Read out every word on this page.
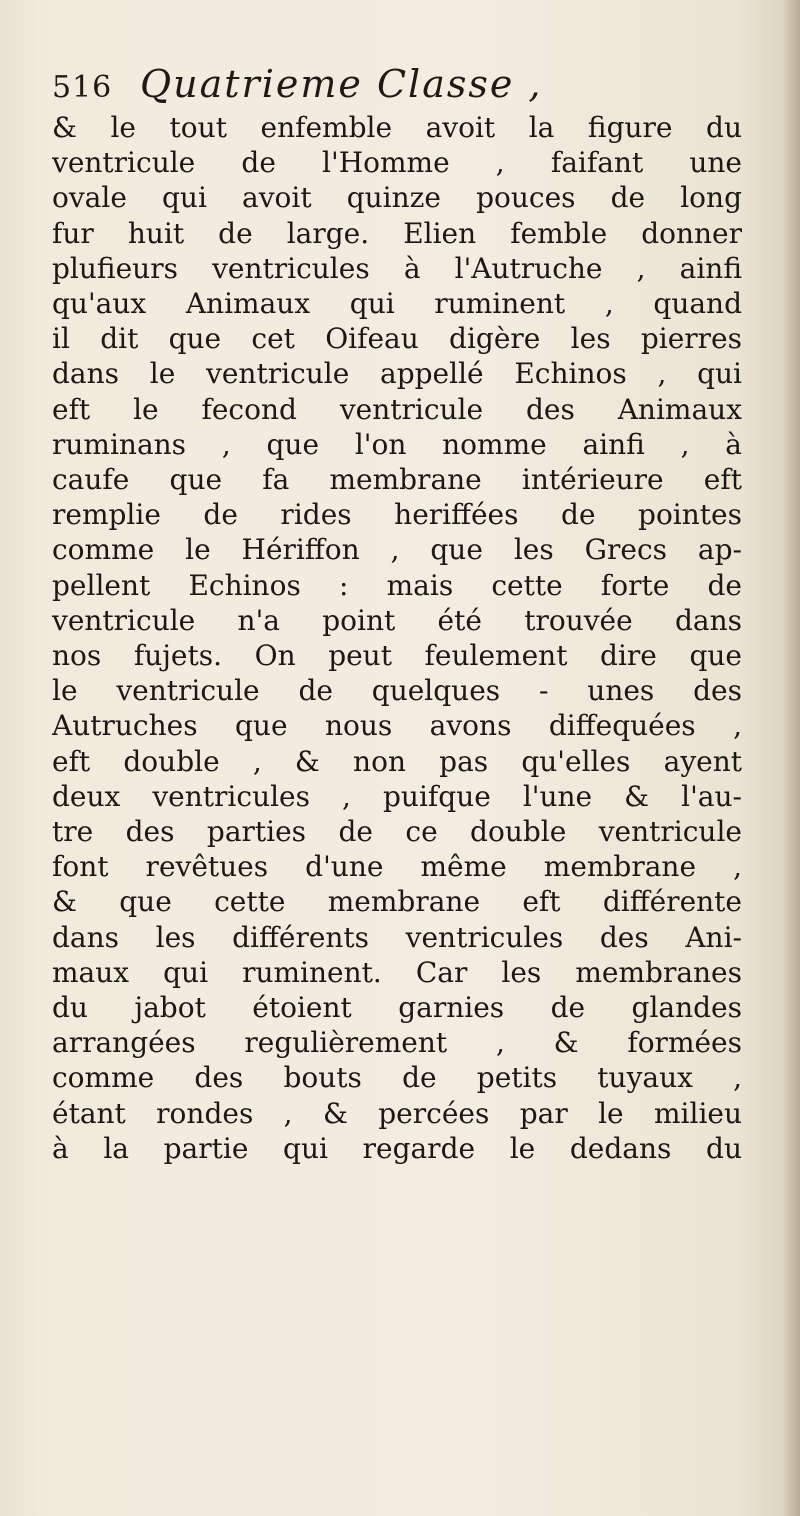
516 Quatrieme Classe ,
& le tout enfemble avoit la figure du
ventricule de l'Homme , faifant une
ovale qui avoit quinze pouces de long
fur huit de large. Elien femble donner
plufieurs ventricules à l'Autruche , ainfi
qu'aux Animaux qui ruminent , quand
il dit que cet Oifeau digère les pierres
dans le ventricule appellé Echinos , qui
eft le fecond ventricule des Animaux
ruminans , que l'on nomme ainfi , à
caufe que fa membrane intérieure eft
remplie de rides heriffées de pointes
comme le Hériffon , que les Grecs ap-
pellent Echinos : mais cette forte de
ventricule n'a point été trouvée dans
nos fujets. On peut feulement dire que
le ventricule de quelques - unes des
Autruches que nous avons diffequées ,
eft double , & non pas qu'elles ayent
deux ventricules , puifque l'une & l'au-
tre des parties de ce double ventricule
font revêtues d'une même membrane ,
& que cette membrane eft différente
dans les différents ventricules des Ani-
maux qui ruminent. Car les membranes
du jabot étoient garnies de glandes
arrangées regulièrement , & formées
comme des bouts de petits tuyaux ,
étant rondes , & percées par le milieu
à la partie qui regarde le dedans du
